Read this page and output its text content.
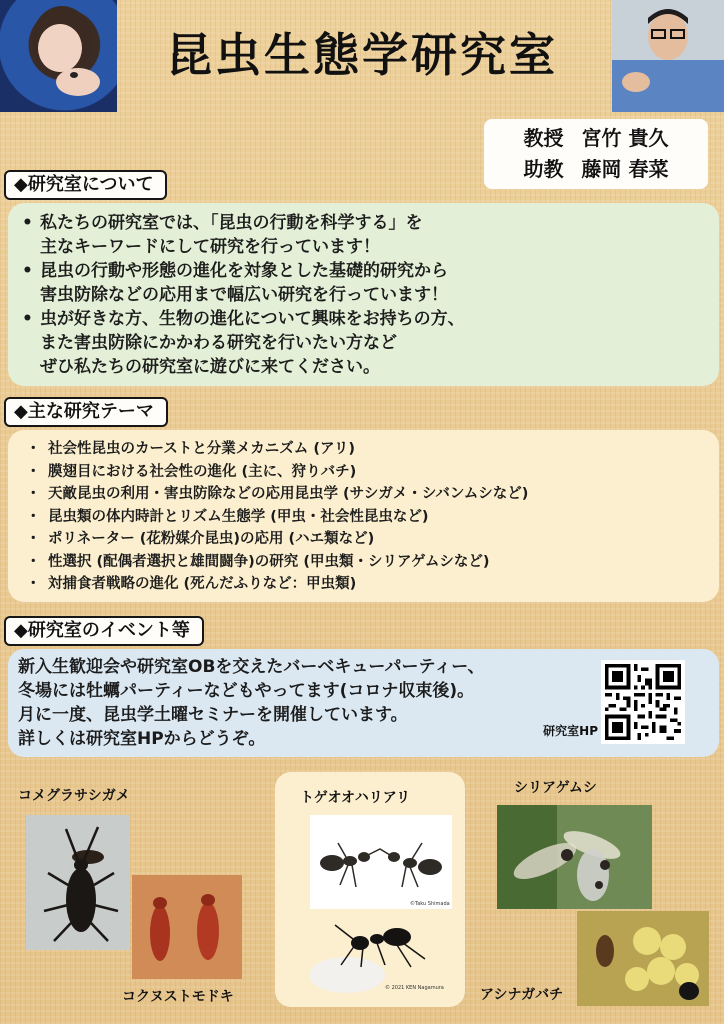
昆虫生態学研究室
教授 宮竹 貴久
助教 藤岡 春菜
◆研究室について
• 私たちの研究室では、「昆虫の行動を科学する」を
主なキーワードにして研究を行っています！
• 昆虫の行動や形態の進化を対象とした基礎的研究から
害虫防除などの応用まで幅広い研究を行っています！
• 虫が好きな方、生物の進化について興味をお持ちの方、
また害虫防除にかかわる研究を行いたい方など
ぜひ私たちの研究室に遊びに来てください。
◆主な研究テーマ
・ 社会性昆虫のカーストと分業メカニズム (アリ)
・ 膜翅目における社会性の進化 (主に、狩りバチ)
・ 天敵昆虫の利用・害虫防除などの応用昆虫学 (サシガメ・シバンムシなど)
・ 昆虫類の体内時計とリズム生態学 (甲虫・社会性昆虫など)
・ ポリネーター (花粉媒介昆虫)の応用 (ハエ類など)
・ 性選択 (配偶者選択と雄間闘争)の研究 (甲虫類・シリアゲムシなど)
・ 対捕食者戦略の進化 (死んだふりなど：甲虫類)
◆研究室のイベント等
新入生歓迎会や研究室OBを交えたバーベキューパーティー、
冬場には牡蠣パーティーなどもやってます(コロナ収束後)。
月に一度、昆虫学土曜セミナーを開催しています。
詳しくは研究室HPからどうぞ。	研究室HP
コメグラサシガメ
コクヌストモドキ
トゲオオハリアリ
©Taku Shimada
© 2021 KEN Nagamura
シリアゲムシ
アシナガバチ
